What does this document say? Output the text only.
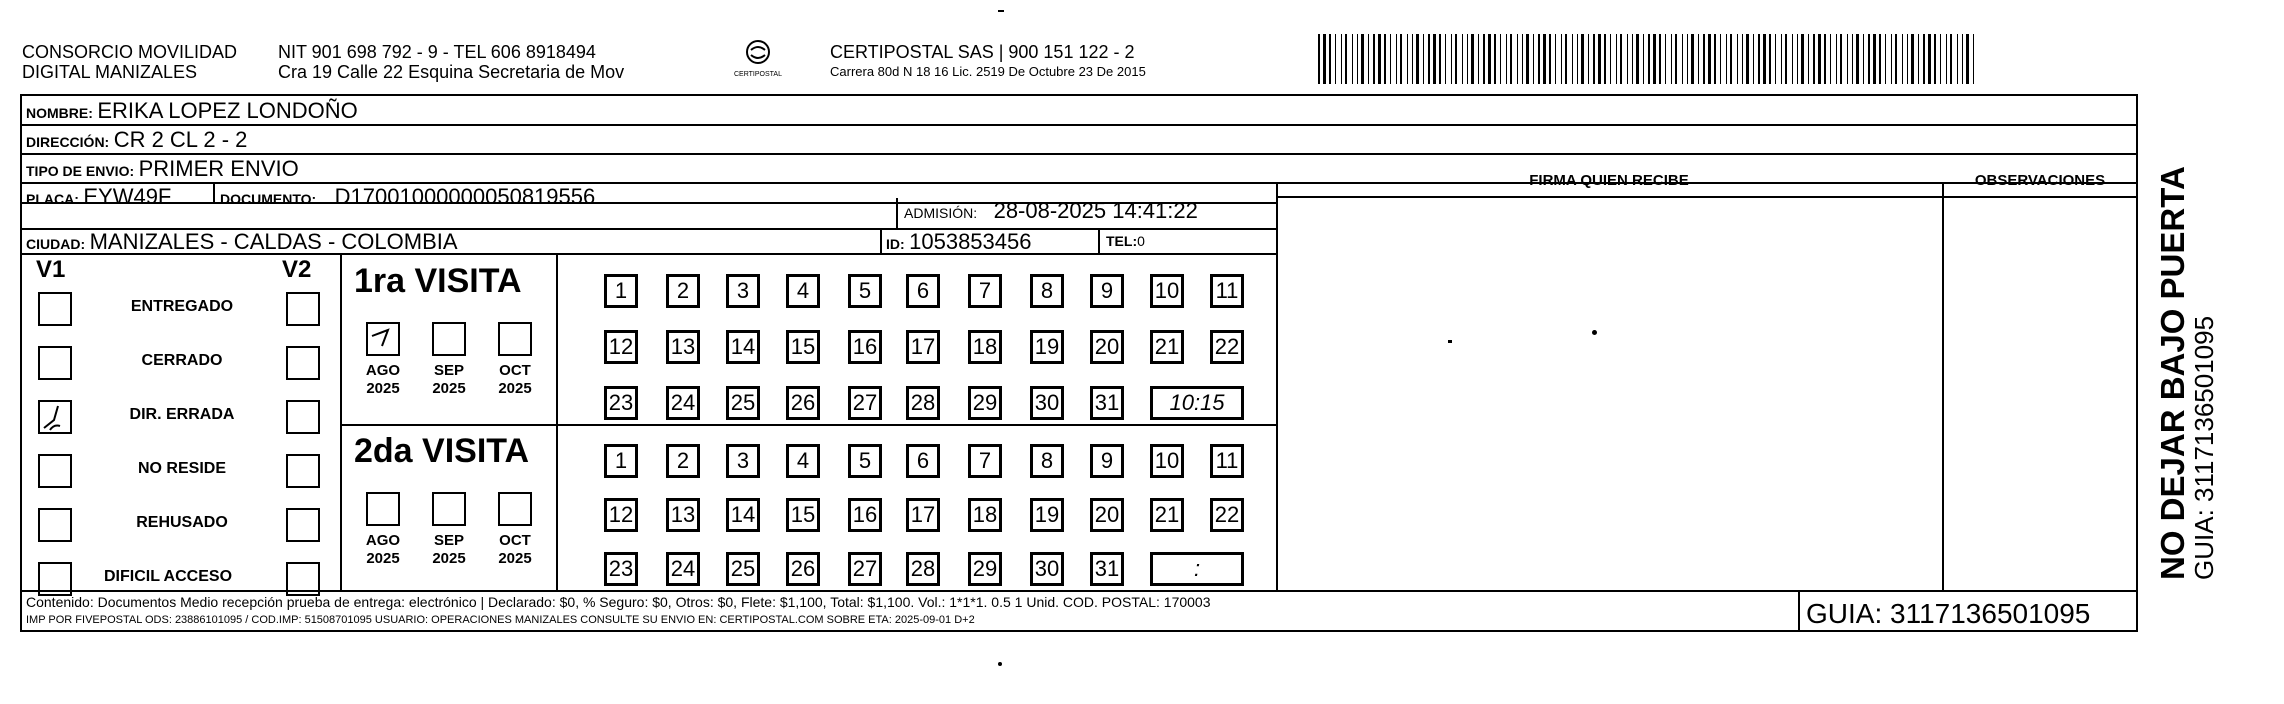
CONSORCIO MOVILIDAD
DIGITAL MANIZALES
NIT 901 698 792 - 9 - TEL 606 8918494
Cra 19 Calle 22 Esquina Secretaria de Mov	CERTIPOSTAL
CERTIPOSTAL SAS | 900 151 122 - 2
Carrera 80d N 18 16 Lic. 2519 De Octubre 23 De 2015
NOMBRE: ERIKA LOPEZ LONDOÑO
DIRECCIÓN: CR 2 CL 2 - 2
TIPO DE ENVIO: PRIMER ENVIO
PLACA: EYW49F	DOCUMENTO: D17001000000050819556
ADMISIÓN: 28-08-2025 14:41:22
CIUDAD: MANIZALES - CALDAS - COLOMBIA	ID: 1053853456	TEL:0
FIRMA QUIEN RECIBE	OBSERVACIONES
V1	V2
ENTREGADO
CERRADO
DIR. ERRADA
NO RESIDE
REHUSADO
DIFICIL ACCESO
1ra VISITA
2da VISITA
AGO
2025
SEP
2025
OCT
2025
AGO
2025
SEP
2025
OCT
2025
1	2	3	4	5	6	7	8	9	10 11
12 13 14 15 16 17 18 19 20 21 22
23 24 25 26 27 28 29 30 31	10:15
1	2	3	4	5	6	7	8	9	10 11
12 13 14 15 16 17 18 19 20 21 22
23 24 25 26 27 28 29 30 31	:	NO DEJAR BAJO PUERTA
GUIA: 3117136501095
Contenido: Documentos Medio recepción prueba de entrega: electrónico | Declarado: $0, % Seguro: $0, Otros: $0, Flete: $1,100, Total: $1,100. Vol.: 1*1*1. 0.5 1 Unid. COD. POSTAL: 170003
IMP POR FIVEPOSTAL ODS: 23886101095 / COD.IMP: 51508701095 USUARIO: OPERACIONES MANIZALES CONSULTE SU ENVIO EN: CERTIPOSTAL.COM SOBRE ETA: 2025-09-01 D+2	GUIA: 3117136501095
